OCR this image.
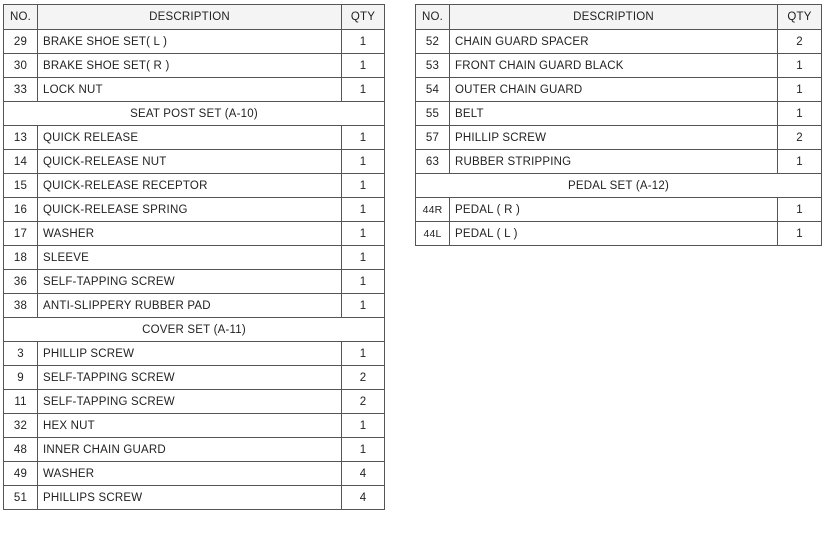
NO.	DESCRIPTION	QTY
29	BRAKE SHOE SET( L )	1
30	BRAKE SHOE SET( R )	1
33	LOCK NUT	1
SEAT POST SET (A-10)		
13	QUICK RELEASE	1
14	QUICK-RELEASE NUT	1
15	QUICK-RELEASE RECEPTOR	1
16	QUICK-RELEASE SPRING	1
17	WASHER	1
18	SLEEVE	1
36	SELF-TAPPING SCREW	1
38	ANTI-SLIPPERY RUBBER PAD	1
COVER SET (A-11)		
3	PHILLIP SCREW	1
9	SELF-TAPPING SCREW	2
11	SELF-TAPPING SCREW	2
32	HEX NUT	1
48	INNER CHAIN GUARD	1
49	WASHER	4
51	PHILLIPS SCREW	4
NO.	DESCRIPTION	QTY
52	CHAIN GUARD SPACER	2
53	FRONT CHAIN GUARD BLACK	1
54	OUTER CHAIN GUARD	1
55	BELT	1
57	PHILLIP SCREW	2
63	RUBBER STRIPPING	1
PEDAL SET (A-12)		
44R	PEDAL ( R )	1
44L	PEDAL ( L )	1
